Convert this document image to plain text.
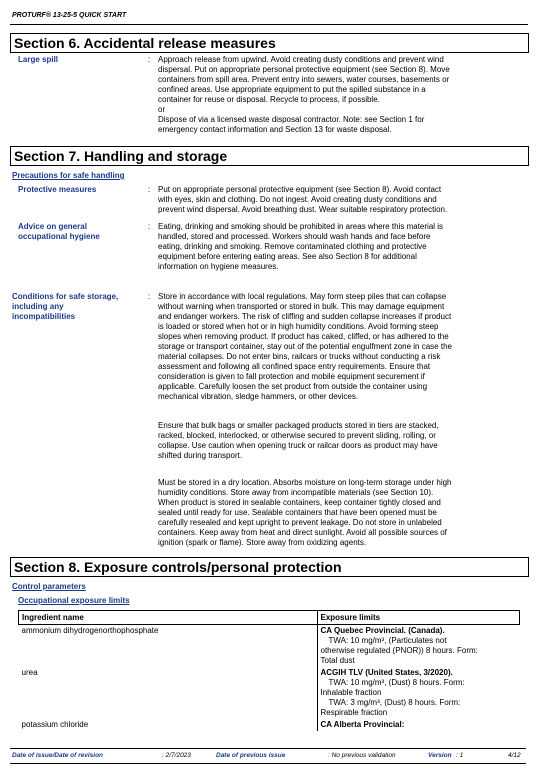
PROTURF® 13-25-5 QUICK START
Section 6. Accidental release measures
Large spill	: Approach release from upwind. Avoid creating dusty conditions and prevent wind
dispersal. Put on appropriate personal protective equipment (see Section 8). Move
containers from spill area. Prevent entry into sewers, water courses, basements or
confined areas. Use appropriate equipment to put the spilled substance in a
container for reuse or disposal. Recycle to process, if possible.
or
Dispose of via a licensed waste disposal contractor. Note: see Section 1 for
emergency contact information and Section 13 for waste disposal.
Section 7. Handling and storage
Precautions for safe handling
Protective measures	: Put on appropriate personal protective equipment (see Section 8). Avoid contact
with eyes, skin and clothing. Do not ingest. Avoid creating dusty conditions and
prevent wind dispersal. Avoid breathing dust. Wear suitable respiratory protection.
Advice on general
occupational hygiene
: Eating, drinking and smoking should be prohibited in areas where this material is
handled, stored and processed. Workers should wash hands and face before
eating, drinking and smoking. Remove contaminated clothing and protective
equipment before entering eating areas. See also Section 8 for additional
information on hygiene measures.
Conditions for safe storage,
including any
incompatibilities
: Store in accordance with local regulations. May form steep piles that can collapse
without warning when transported or stored in bulk. This may damage equipment
and endanger workers. The risk of cliffing and sudden collapse increases if product
is loaded or stored when hot or in high humidity conditions. Avoid forming steep
slopes when removing product. If product has caked, cliffed, or has adhered to the
storage or transport container, stay out of the potential engulfment zone in case the
material collapses. Do not enter bins, railcars or trucks without conducting a risk
assessment and following all confined space entry requirements. Ensure that
consideration is given to fall protection and mobile equipment securement if
applicable. Carefully loosen the set product from outside the container using
mechanical vibration, sledge hammers, or other devices.
Ensure that bulk bags or smaller packaged products stored in tiers are stacked,
racked, blocked, interlocked, or otherwise secured to prevent sliding, rolling, or
collapse. Use caution when opening truck or railcar doors as product may have
shifted during transport.
Must be stored in a dry location. Absorbs moisture on long-term storage under high
humidity conditions. Store away from incompatible materials (see Section 10).
When product is stored in sealable containers, keep container tightly closed and
sealed until ready for use. Sealable containers that have been opened must be
carefully resealed and kept upright to prevent leakage. Do not store in unlabeled
containers. Keep away from heat and direct sunlight. Avoid all possible sources of
ignition (spark or flame). Store away from oxidizing agents.
Section 8. Exposure controls/personal protection
Control parameters
Occupational exposure limits
Ingredient name	Exposure limits
ammonium dihydrogenorthophosphate	CA Quebec Provincial. (Canada).
TWA: 10 mg/m³, (Particulates not
otherwise regulated (PNOR)) 8 hours. Form:
Total dust

urea	ACGIH TLV (United States, 3/2020).
TWA: 10 mg/m³, (Dust) 8 hours. Form:
Inhalable fraction
TWA: 3 mg/m³, (Dust) 8 hours. Form:
Respirable fraction

potassium chloride	CA Alberta Provincial:
Date of issue/Date of revision	: 2/7/2023	Date of previous issue	: No previous validation	Version : 1	4/12
